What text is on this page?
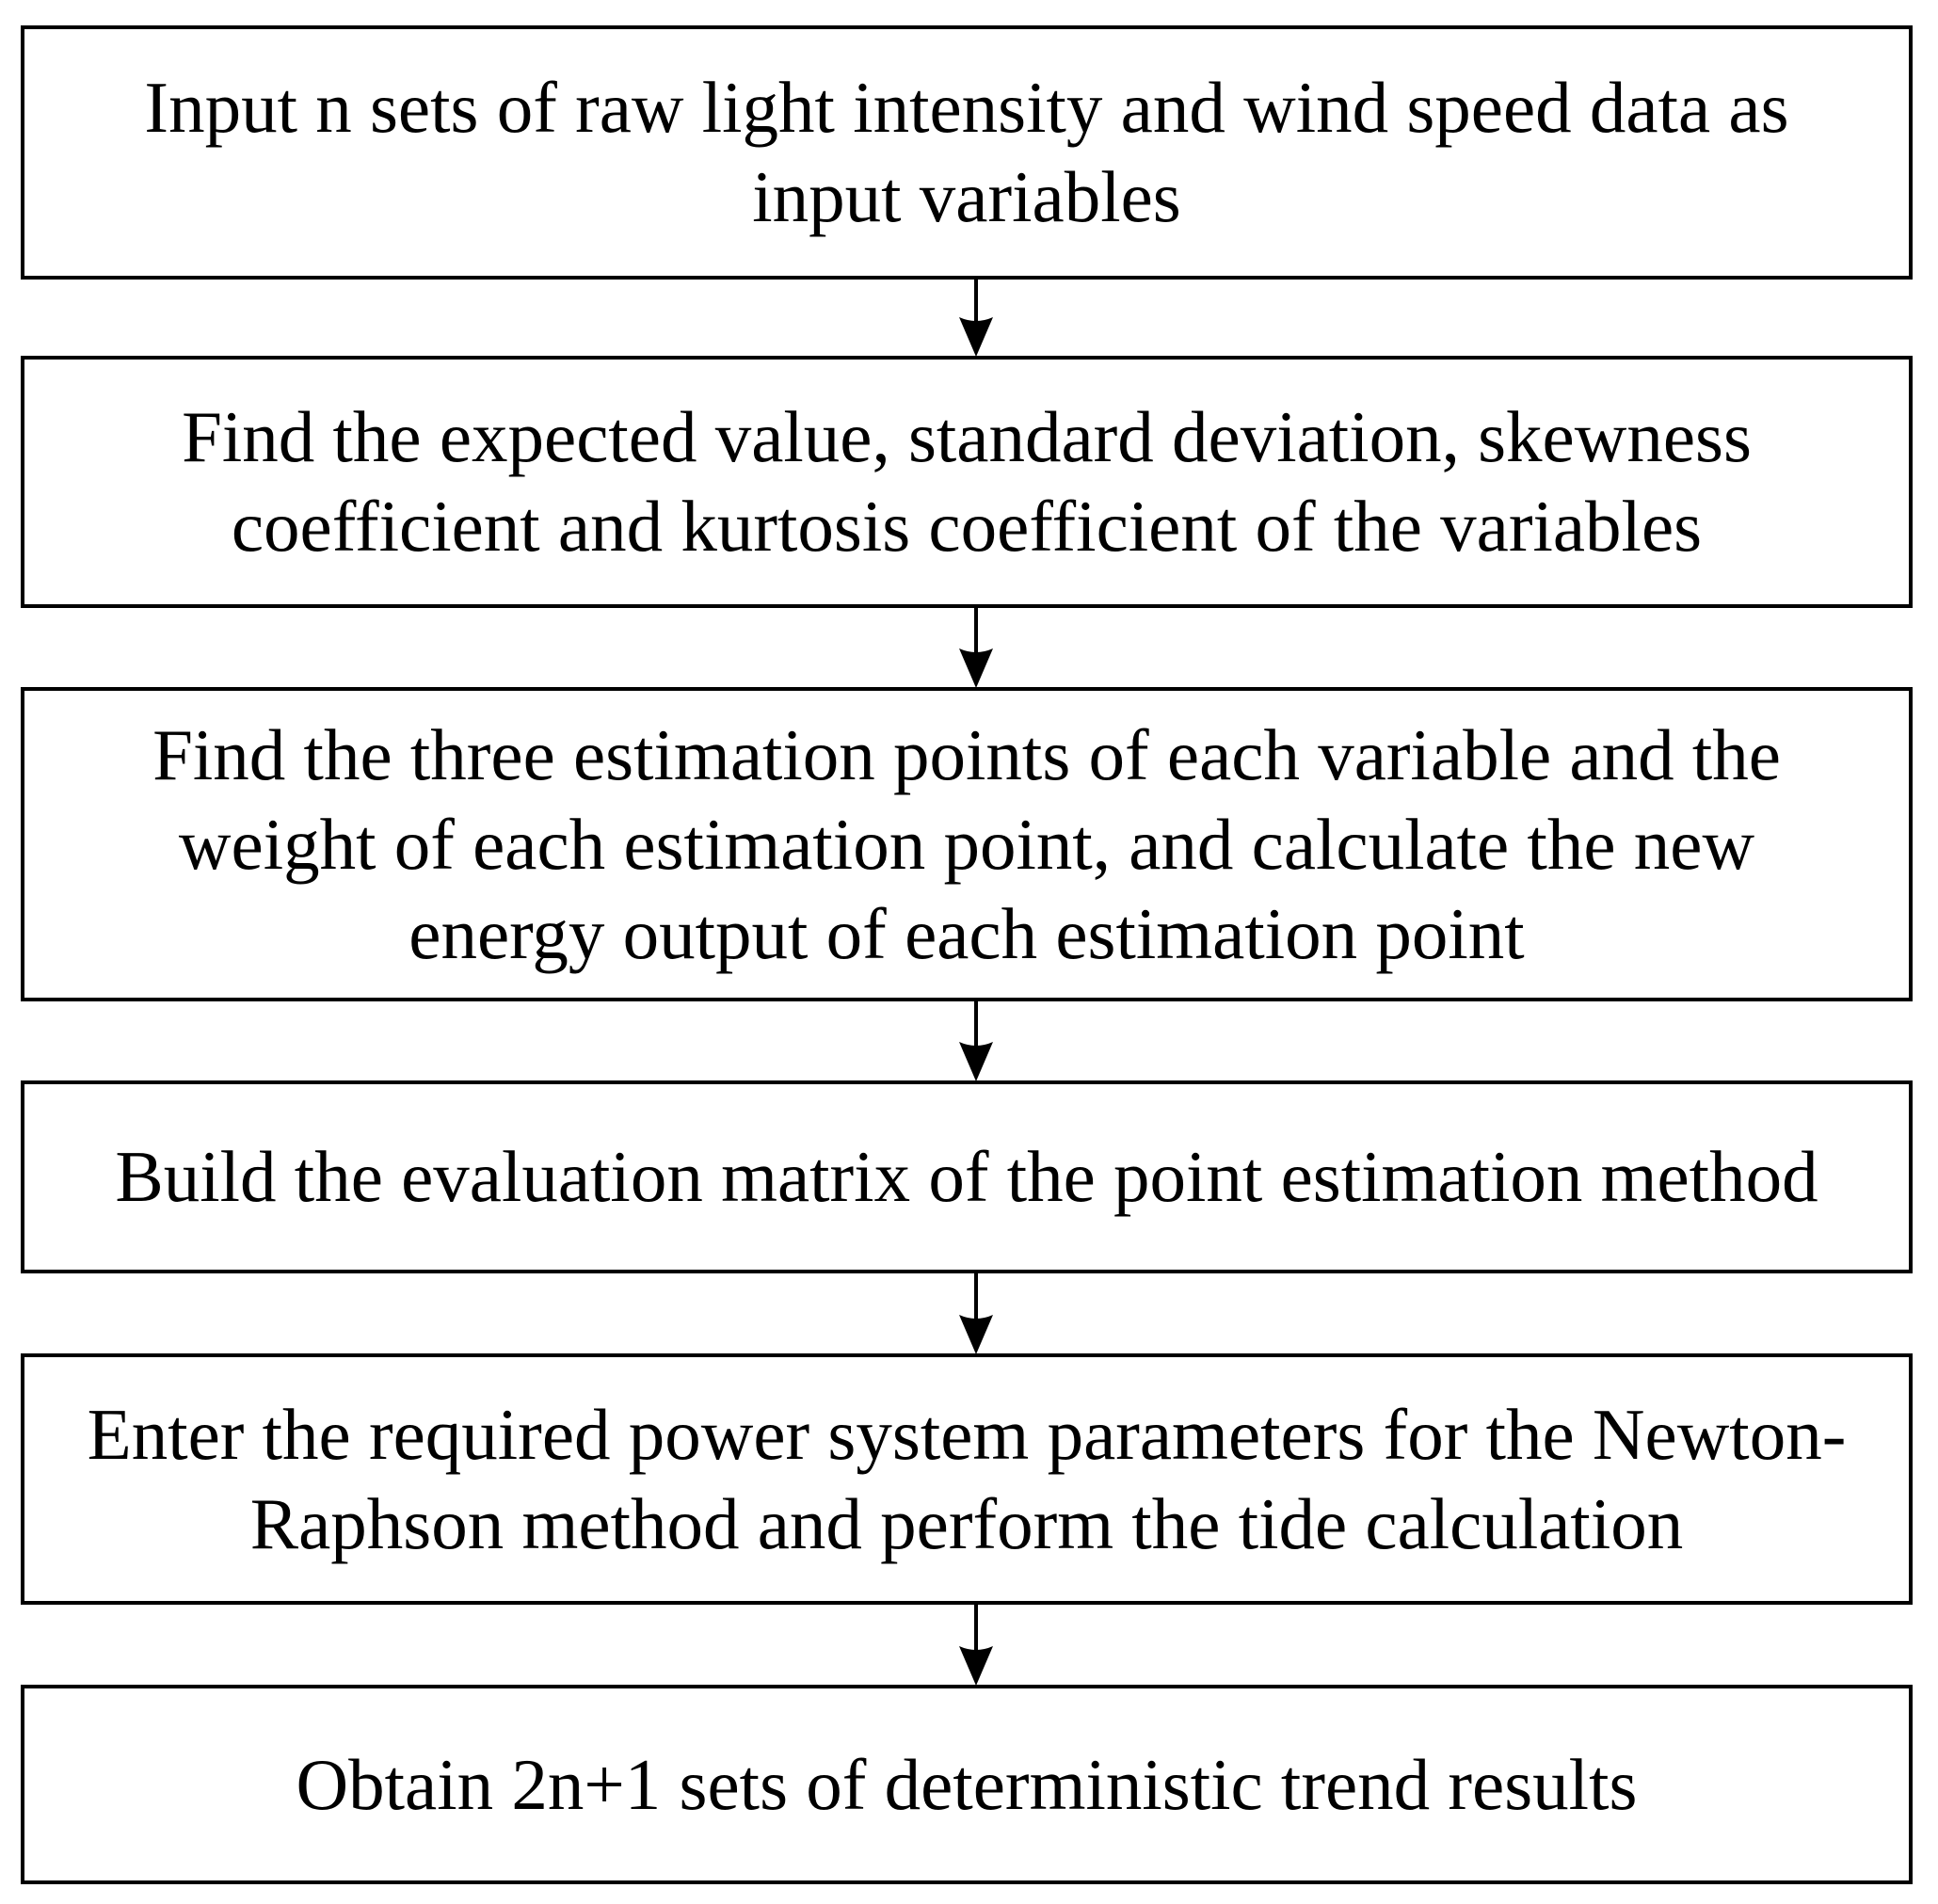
Input n sets of raw light intensity and wind speed data as input variables

Find the expected value, standard deviation, skewness coefficient and kurtosis coefficient of the variables

Find the three estimation points of each variable and the weight of each estimation point, and calculate the new energy output of each estimation point

Build the evaluation matrix of the point estimation method

Enter the required power system parameters for the Newton-Raphson method and perform the tide calculation

Obtain 2n+1 sets of deterministic trend results
